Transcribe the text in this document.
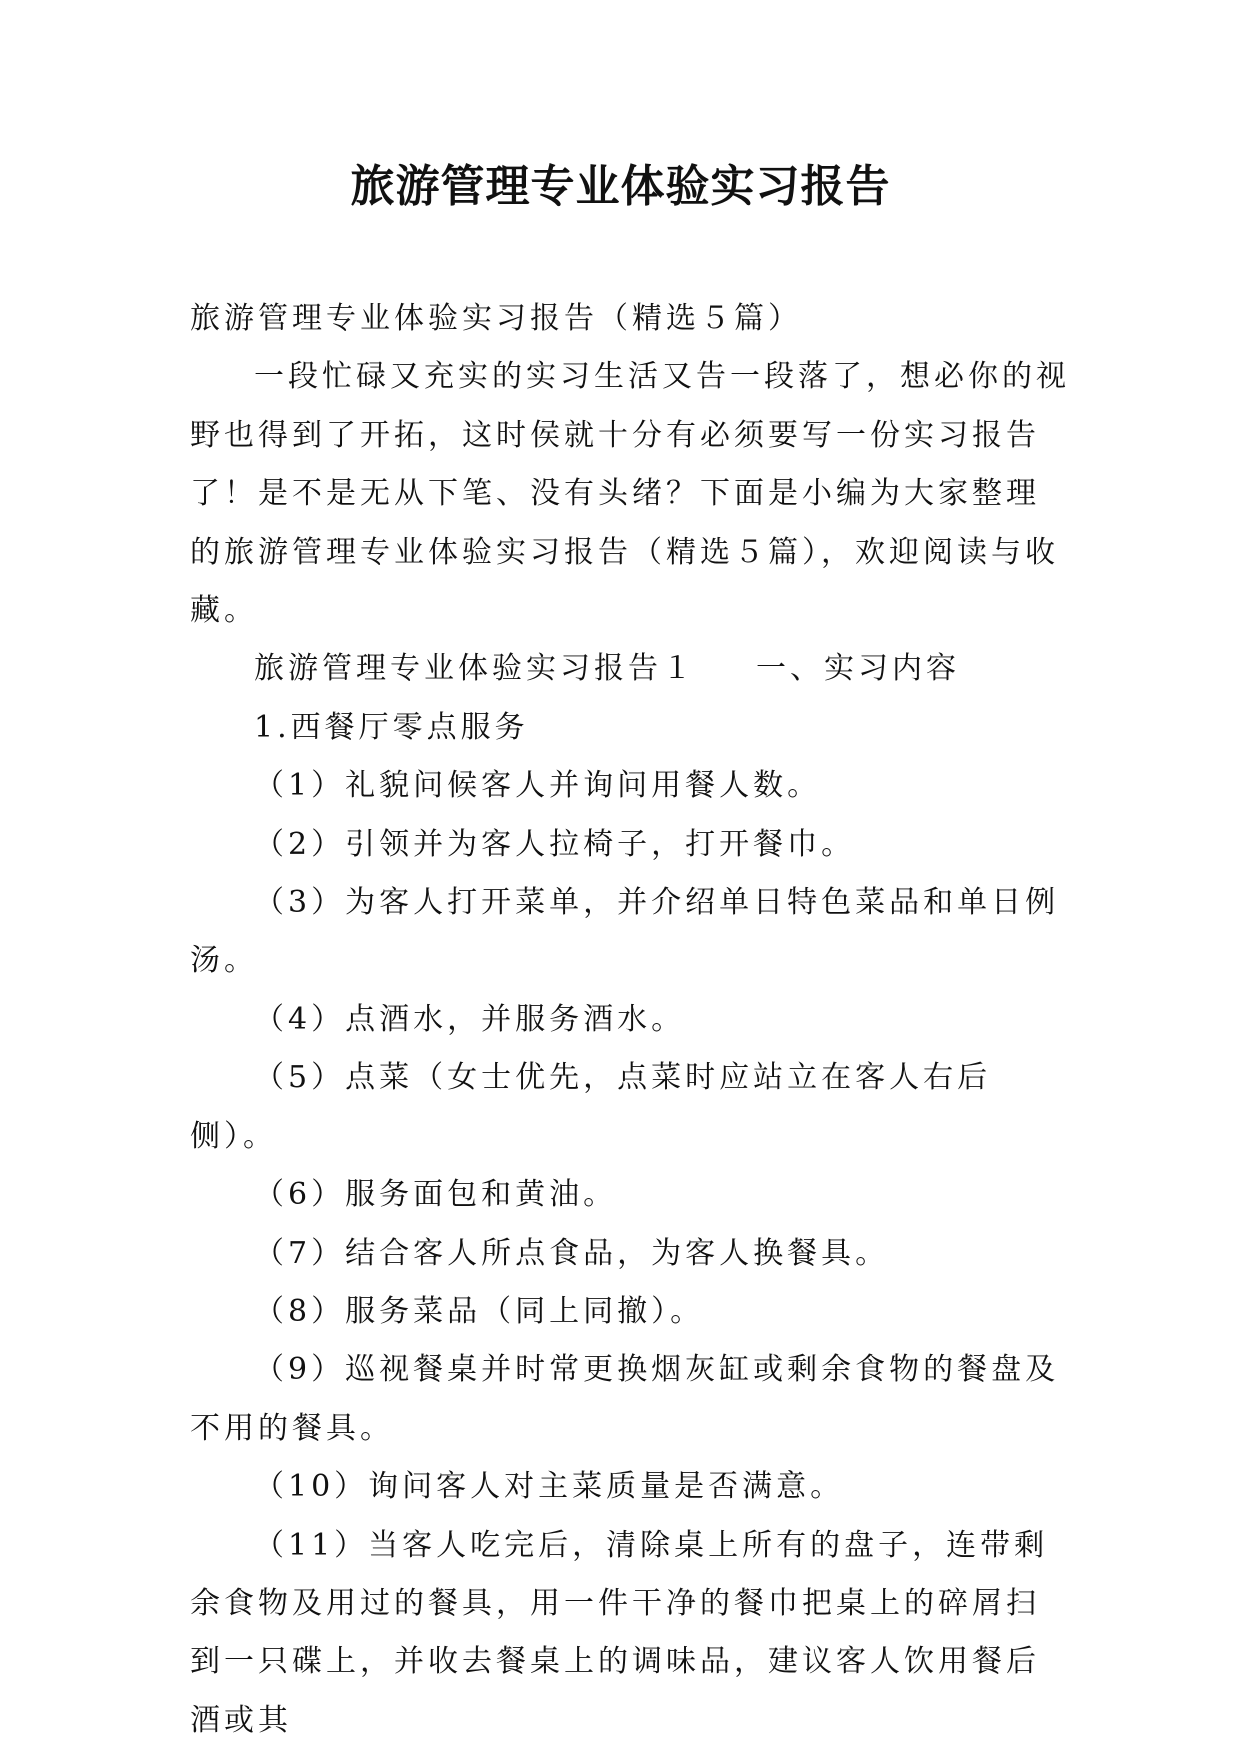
旅游管理专业体验实习报告

旅游管理专业体验实习报告（精选５篇）

一段忙碌又充实的实习生活又告一段落了，想必你的视野也得到了开拓，这时侯就十分有必须要写一份实习报告了！是不是无从下笔、没有头绪？下面是小编为大家整理的旅游管理专业体验实习报告（精选５篇），欢迎阅读与收藏。

旅游管理专业体验实习报告１ 一、实习内容

1.西餐厅零点服务

（1）礼貌问候客人并询问用餐人数。

（2）引领并为客人拉椅子，打开餐巾。

（3）为客人打开菜单，并介绍单日特色菜品和单日例汤。

（4）点酒水，并服务酒水。

（5）点菜（女士优先，点菜时应站立在客人右后侧）。

（6）服务面包和黄油。

（7）结合客人所点食品，为客人换餐具。

（8）服务菜品（同上同撤）。

（9）巡视餐桌并时常更换烟灰缸或剩余食物的餐盘及不用的餐具。

（10）询问客人对主菜质量是否满意。

（11）当客人吃完后，清除桌上所有的盘子，连带剩余食物及用过的餐具，用一件干净的餐巾把桌上的碎屑扫到一只碟上，并收去餐桌上的调味品，建议客人饮用餐后酒或其
